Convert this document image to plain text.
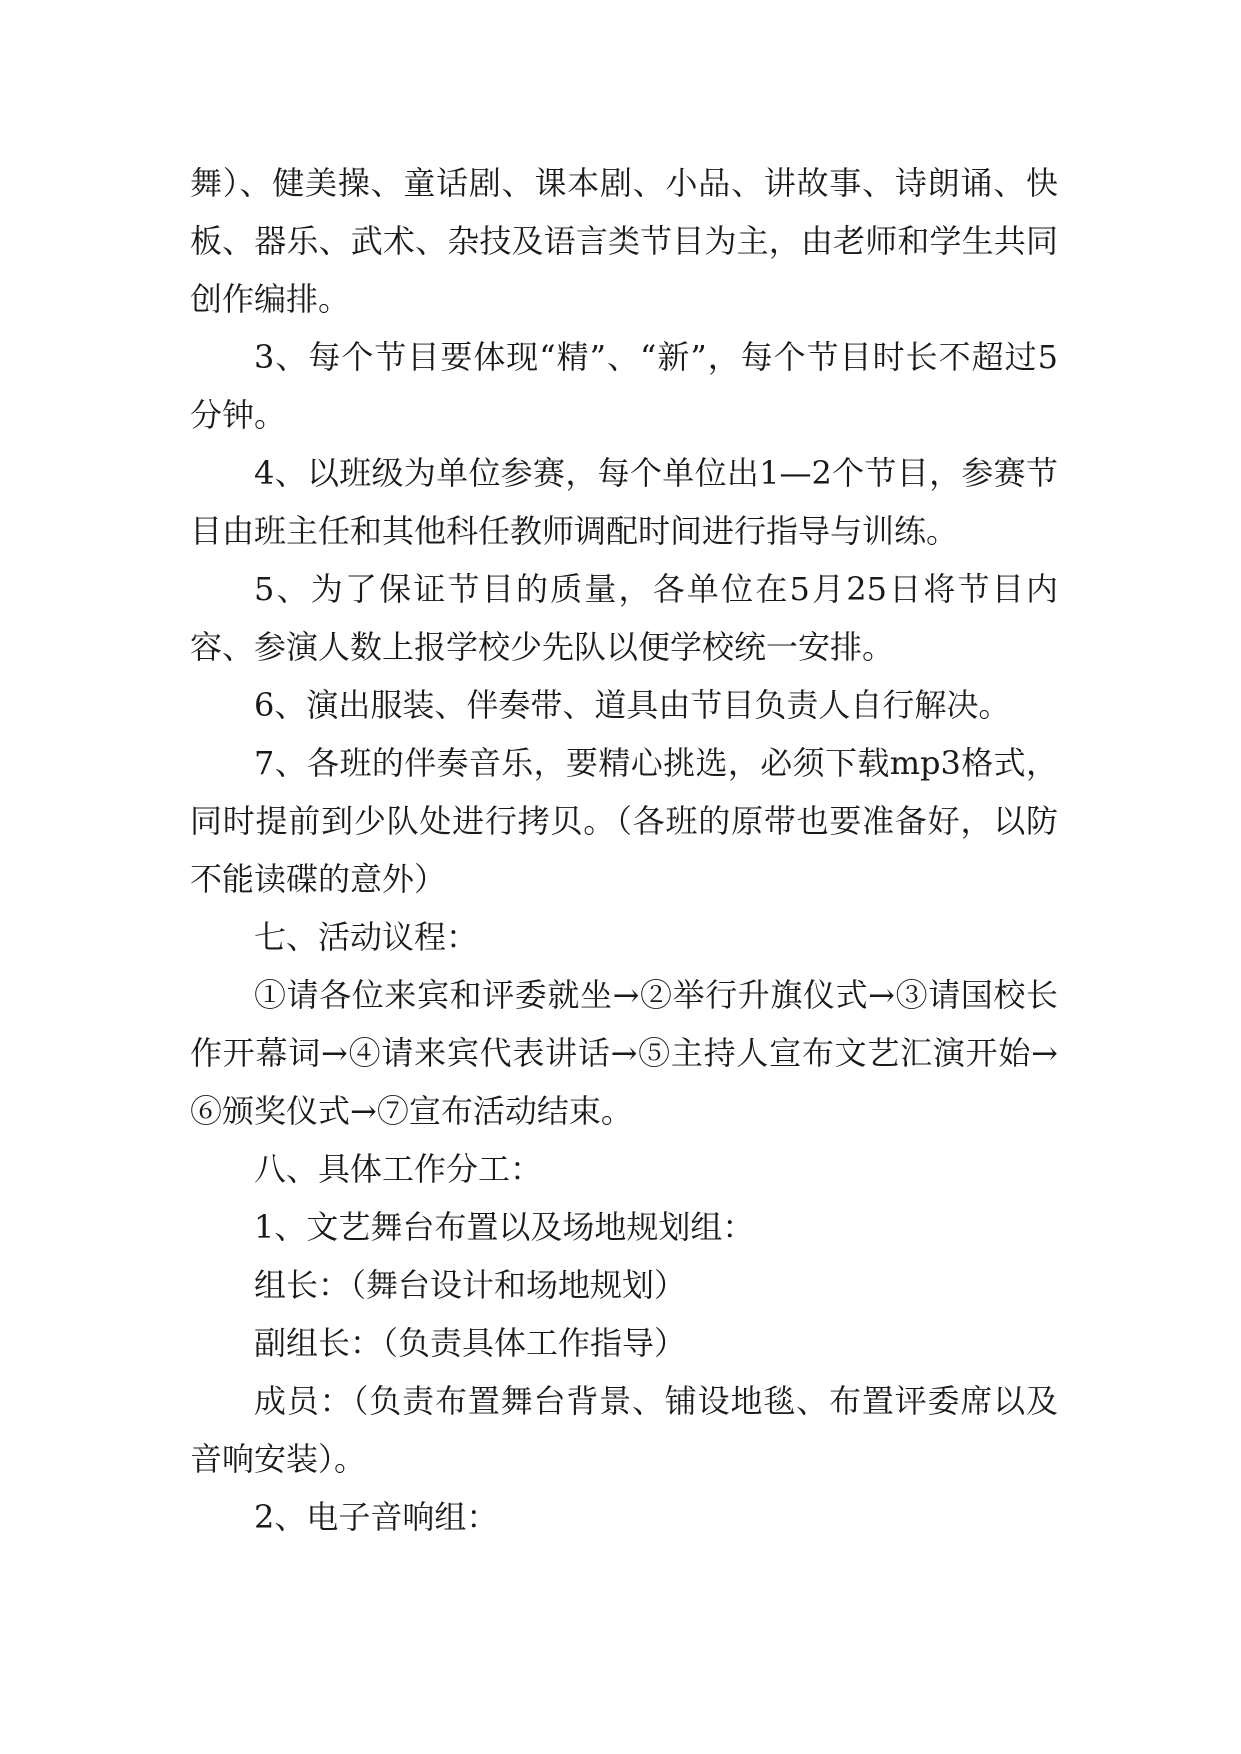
舞）、健美操、童话剧、课本剧、小品、讲故事、诗朗诵、快板、器乐、武术、杂技及语言类节目为主，由老师和学生共同创作编排。

3、每个节目要体现“精”、“新”，每个节目时长不超过5分钟。

4、以班级为单位参赛，每个单位出1—2个节目，参赛节目由班主任和其他科任教师调配时间进行指导与训练。

5、为了保证节目的质量，各单位在5月25日将节目内容、参演人数上报学校少先队以便学校统一安排。

6、演出服装、伴奏带、道具由节目负责人自行解决。

7、各班的伴奏音乐，要精心挑选，必须下载mp3格式，同时提前到少队处进行拷贝。（各班的原带也要准备好，以防不能读碟的意外）

七、活动议程：

①请各位来宾和评委就坐→②举行升旗仪式→③请国校长作开幕词→④请来宾代表讲话→⑤主持人宣布文艺汇演开始→⑥颁奖仪式→⑦宣布活动结束。

八、具体工作分工：

1、文艺舞台布置以及场地规划组：

组长：（舞台设计和场地规划）

副组长：（负责具体工作指导）

成员：（负责布置舞台背景、铺设地毯、布置评委席以及音响安装）。

2、电子音响组：
